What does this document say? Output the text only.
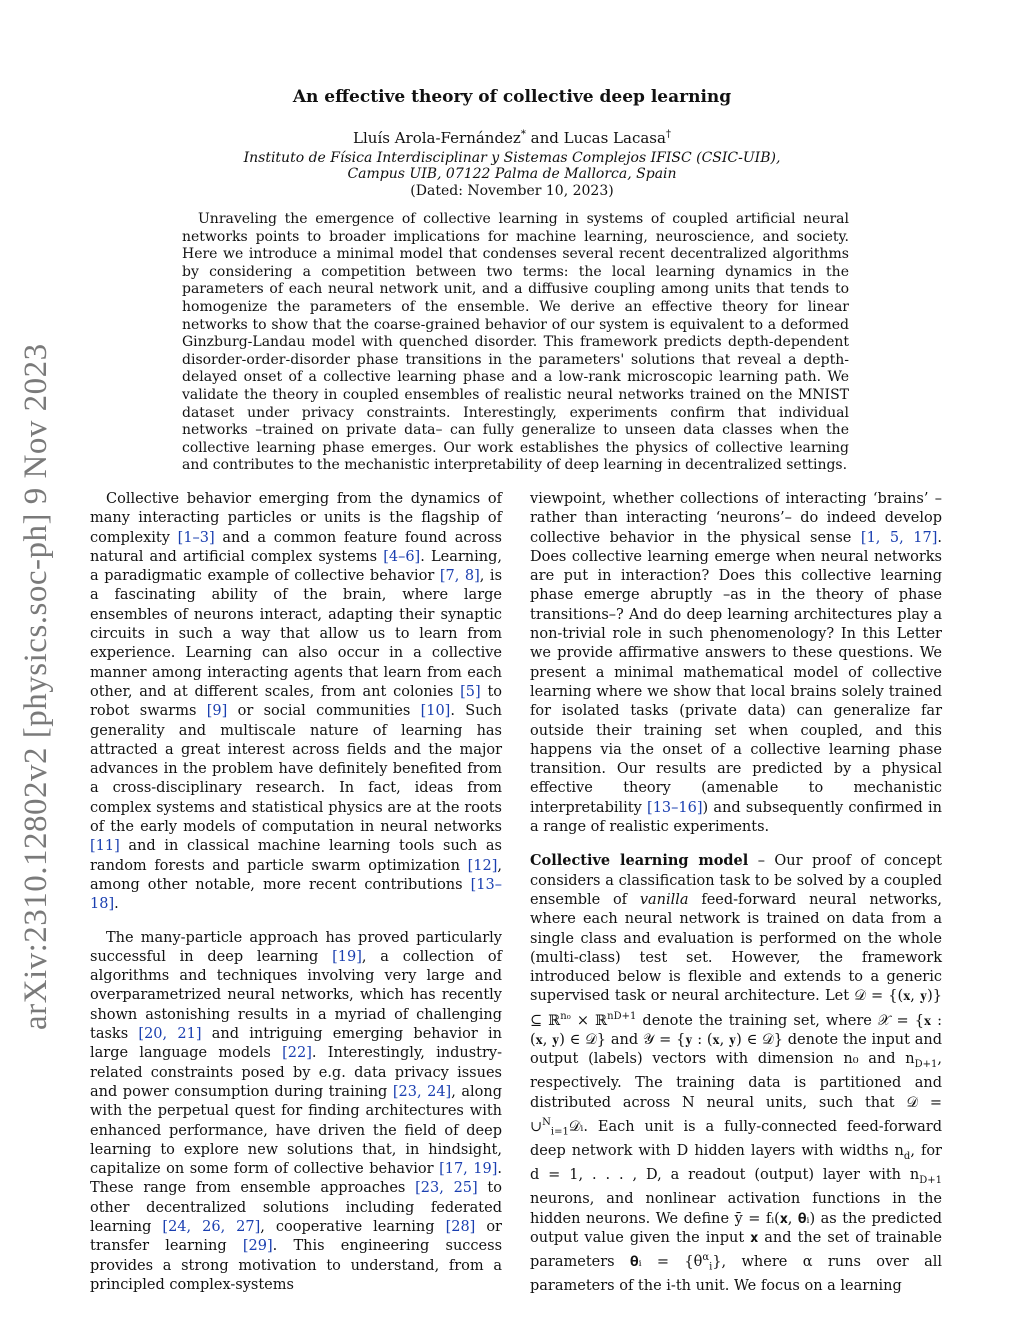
arXiv:2310.12802v2 [physics.soc-ph] 9 Nov 2023
An effective theory of collective deep learning
Lluís Arola-Fernández* and Lucas Lacasa†
Instituto de Física Interdisciplinar y Sistemas Complejos IFISC (CSIC-UIB),
Campus UIB, 07122 Palma de Mallorca, Spain
(Dated: November 10, 2023)
Unraveling the emergence of collective learning in systems of coupled artificial neural networks points to broader implications for machine learning, neuroscience, and society. Here we introduce a minimal model that condenses several recent decentralized algorithms by considering a competition between two terms: the local learning dynamics in the parameters of each neural network unit, and a diffusive coupling among units that tends to homogenize the parameters of the ensemble. We derive an effective theory for linear networks to show that the coarse-grained behavior of our system is equivalent to a deformed Ginzburg-Landau model with quenched disorder. This framework predicts depth-dependent disorder-order-disorder phase transitions in the parameters' solutions that reveal a depth-delayed onset of a collective learning phase and a low-rank microscopic learning path. We validate the theory in coupled ensembles of realistic neural networks trained on the MNIST dataset under privacy constraints. Interestingly, experiments confirm that individual networks –trained on private data– can fully generalize to unseen data classes when the collective learning phase emerges. Our work establishes the physics of collective learning and contributes to the mechanistic interpretability of deep learning in decentralized settings.

Collective behavior emerging from the dynamics of many interacting particles or units is the flagship of complexity [1–3] and a common feature found across natural and artificial complex systems [4–6]. Learning, a paradigmatic example of collective behavior [7, 8], is a fascinating ability of the brain, where large ensembles of neurons interact, adapting their synaptic circuits in such a way that allow us to learn from experience. Learning can also occur in a collective manner among interacting agents that learn from each other, and at different scales, from ant colonies [5] to robot swarms [9] or social communities [10]. Such generality and multiscale nature of learning has attracted a great interest across fields and the major advances in the problem have definitely benefited from a cross-disciplinary research. In fact, ideas from complex systems and statistical physics are at the roots of the early models of computation in neural networks [11] and in classical machine learning tools such as random forests and particle swarm optimization [12], among other notable, more recent contributions [13–18].

The many-particle approach has proved particularly successful in deep learning [19], a collection of algorithms and techniques involving very large and overparametrized neural networks, which has recently shown astonishing results in a myriad of challenging tasks [20, 21] and intriguing emerging behavior in large language models [22]. Interestingly, industry-related constraints posed by e.g. data privacy issues and power consumption during training [23, 24], along with the perpetual quest for finding architectures with enhanced performance, have driven the field of deep learning to explore new solutions that, in hindsight, capitalize on some form of collective behavior [17, 19]. These range from ensemble approaches [23, 25] to other decentralized solutions including federated learning [24, 26, 27], cooperative learning [28] or transfer learning [29]. This engineering success provides a strong motivation to understand, from a principled complex-systems

viewpoint, whether collections of interacting ‘brains’ – rather than interacting ‘neurons’– do indeed develop collective behavior in the physical sense [1, 5, 17]. Does collective learning emerge when neural networks are put in interaction? Does this collective learning phase emerge abruptly –as in the theory of phase transitions–? And do deep learning architectures play a non-trivial role in such phenomenology? In this Letter we provide affirmative answers to these questions. We present a minimal mathematical model of collective learning where we show that local brains solely trained for isolated tasks (private data) can generalize far outside their training set when coupled, and this happens via the onset of a collective learning phase transition. Our results are predicted by a physical effective theory (amenable to mechanistic interpretability [13–16]) and subsequently confirmed in a range of realistic experiments.

Collective learning model – Our proof of concept considers a classification task to be solved by a coupled ensemble of vanilla feed-forward neural networks, where each neural network is trained on data from a single class and evaluation is performed on the whole (multi-class) test set. However, the framework introduced below is flexible and extends to a generic supervised task or neural architecture. Let 𝒟 = {(𝐱, 𝐲)} ⊆ ℝ$^{n_0}$ × ℝ$^{nD+1}$ denote the training set, where 𝒳 = {𝐱 : (𝐱, 𝐲) ∈ 𝒟} and 𝒴 = {𝐲 : (𝐱, 𝐲) ∈ 𝒟} denote the input and output (labels) vectors with dimension n₀ and $n_{D+1}$, respectively. The training data is partitioned and distributed across N neural units, such that 𝒟 = ∪$^N_{i=1}$𝒟ᵢ. Each unit is a fully-connected feed-forward deep network with D hidden layers with widths $n_d$, for d = 1, . . . , D, a readout (output) layer with $n_{D+1}$ neurons, and nonlinear activation functions in the hidden neurons. We define ȳ = fᵢ(𝐱, 𝛉ᵢ) as the predicted output value given the input 𝐱 and the set of trainable parameters 𝛉ᵢ = $\{\theta^\alpha_i\}$, where α runs over all parameters of the i-th unit. We focus on a learning
